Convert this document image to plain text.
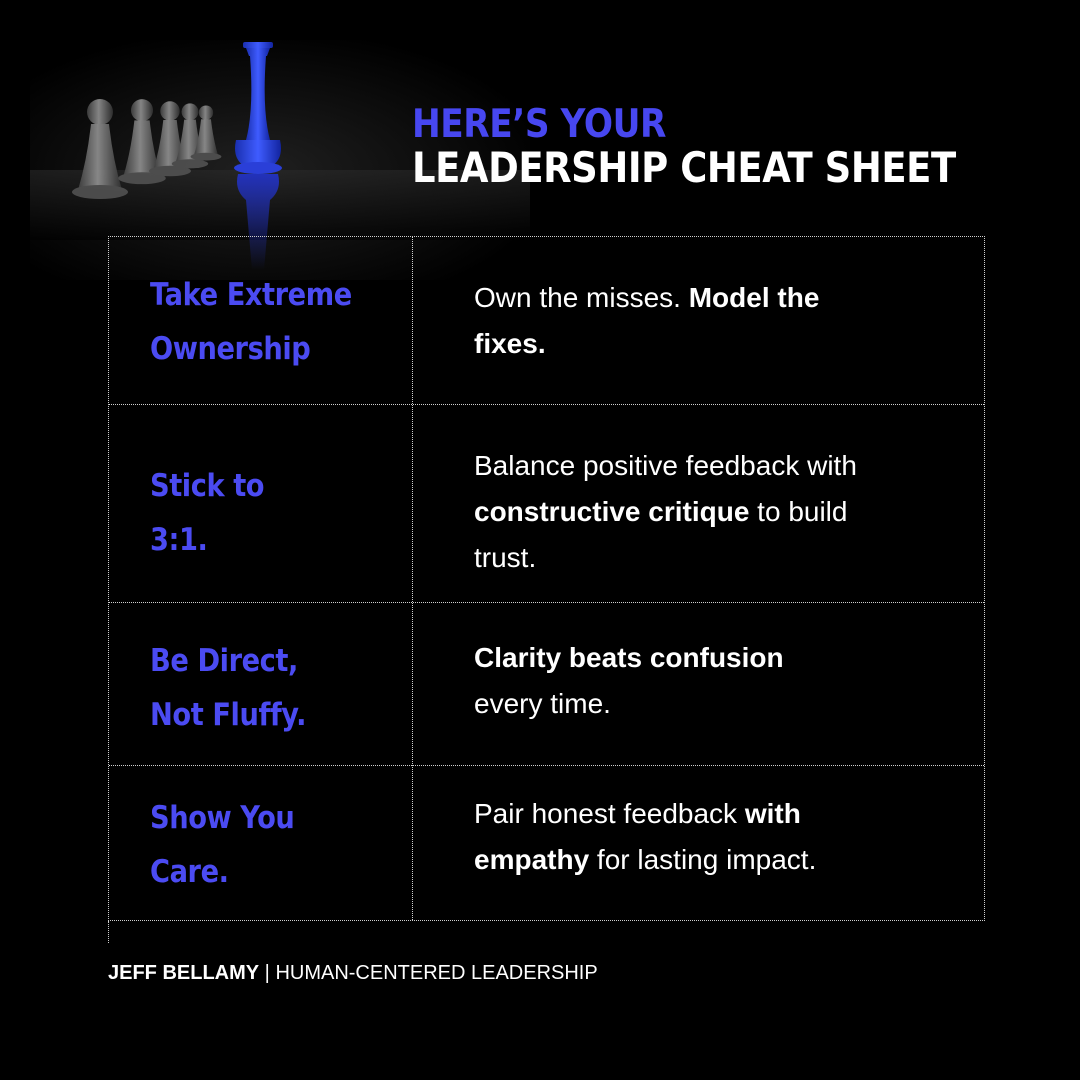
HERE’S YOUR
LEADERSHIP CHEAT SHEET
JEFF BELLAMY | HUMAN-CENTERED LEADERSHIP
Take Extreme
Ownership
Own the misses. Model the
fixes.
Stick to
3:1.
Balance positive feedback with
constructive critique to build
trust.
Be Direct,
Not Fluffy.
Clarity beats confusion
every time.
Show You
Care.
Pair honest feedback with
empathy for lasting impact.
